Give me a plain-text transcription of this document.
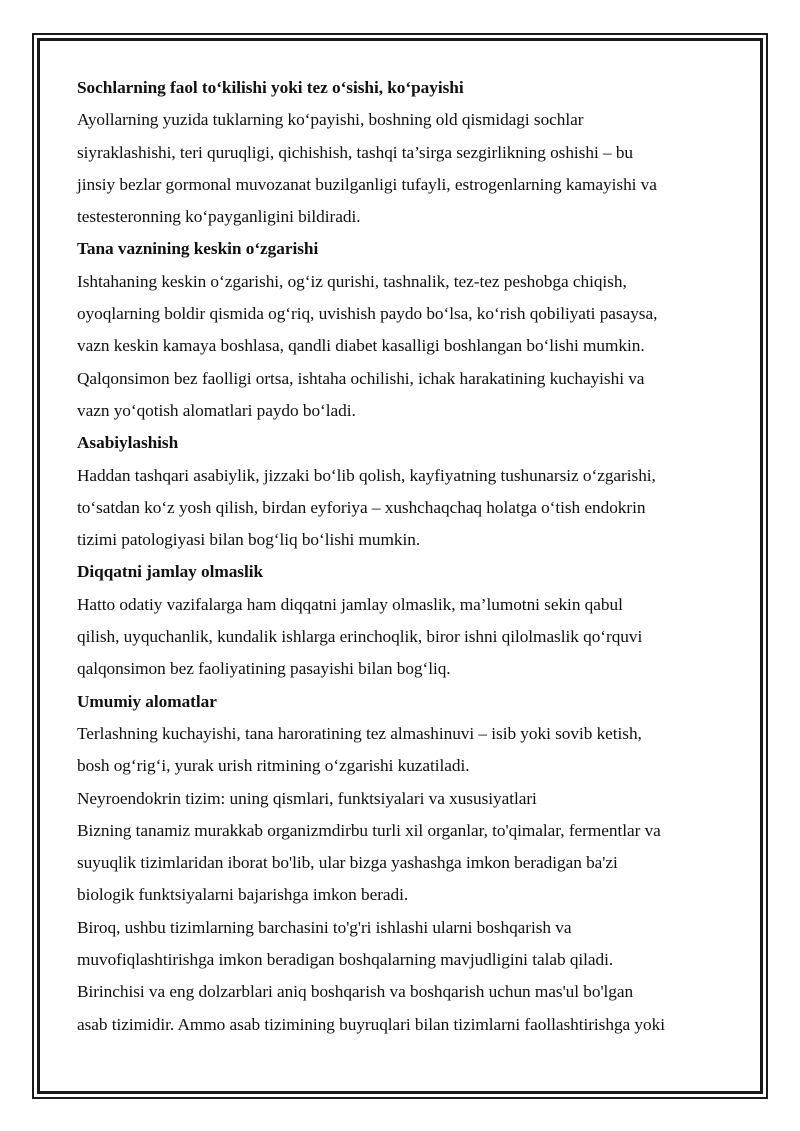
Sochlarning faol to‘kilishi yoki tez o‘sishi, ko‘payishi

Ayollarning yuzida tuklarning ko‘payishi, boshning old qismidagi sochlar
siyraklashishi, teri quruqligi, qichishish, tashqi ta’sirga sezgirlikning oshishi – bu
jinsiy bezlar gormonal muvozanat buzilganligi tufayli, estrogenlarning kamayishi va
testesteronning ko‘payganligini bildiradi.

Tana vaznining keskin o‘zgarishi

Ishtahaning keskin o‘zgarishi, og‘iz qurishi, tashnalik, tez-tez peshobga chiqish,
oyoqlarning boldir qismida og‘riq, uvishish paydo bo‘lsa, ko‘rish qobiliyati pasaysa,
vazn keskin kamaya boshlasa, qandli diabet kasalligi boshlangan bo‘lishi mumkin.
Qalqonsimon bez faolligi ortsa, ishtaha ochilishi, ichak harakatining kuchayishi va
vazn yo‘qotish alomatlari paydo bo‘ladi.

Asabiylashish

Haddan tashqari asabiylik, jizzaki bo‘lib qolish, kayfiyatning tushunarsiz o‘zgarishi,
to‘satdan ko‘z yosh qilish, birdan eyforiya – xushchaqchaq holatga o‘tish endokrin
tizimi patologiyasi bilan bog‘liq bo‘lishi mumkin.

Diqqatni jamlay olmaslik

Hatto odatiy vazifalarga ham diqqatni jamlay olmaslik, ma’lumotni sekin qabul
qilish, uyquchanlik, kundalik ishlarga erinchoqlik, biror ishni qilolmaslik qo‘rquvi
qalqonsimon bez faoliyatining pasayishi bilan bog‘liq.

Umumiy alomatlar

Terlashning kuchayishi, tana haroratining tez almashinuvi – isib yoki sovib ketish,
bosh og‘rig‘i, yurak urish ritmining o‘zgarishi kuzatiladi.

Neyroendokrin tizim: uning qismlari, funktsiyalari va xususiyatlari

Bizning tanamiz murakkab organizmdirbu turli xil organlar, to'qimalar, fermentlar va
suyuqlik tizimlaridan iborat bo'lib, ular bizga yashashga imkon beradigan ba'zi
biologik funktsiyalarni bajarishga imkon beradi.

Biroq, ushbu tizimlarning barchasini to'g'ri ishlashi ularni boshqarish va
muvofiqlashtirishga imkon beradigan boshqalarning mavjudligini talab qiladi.
Birinchisi va eng dolzarblari aniq boshqarish va boshqarish uchun mas'ul bo'lgan
asab tizimidir. Ammo asab tizimining buyruqlari bilan tizimlarni faollashtirishga yoki
